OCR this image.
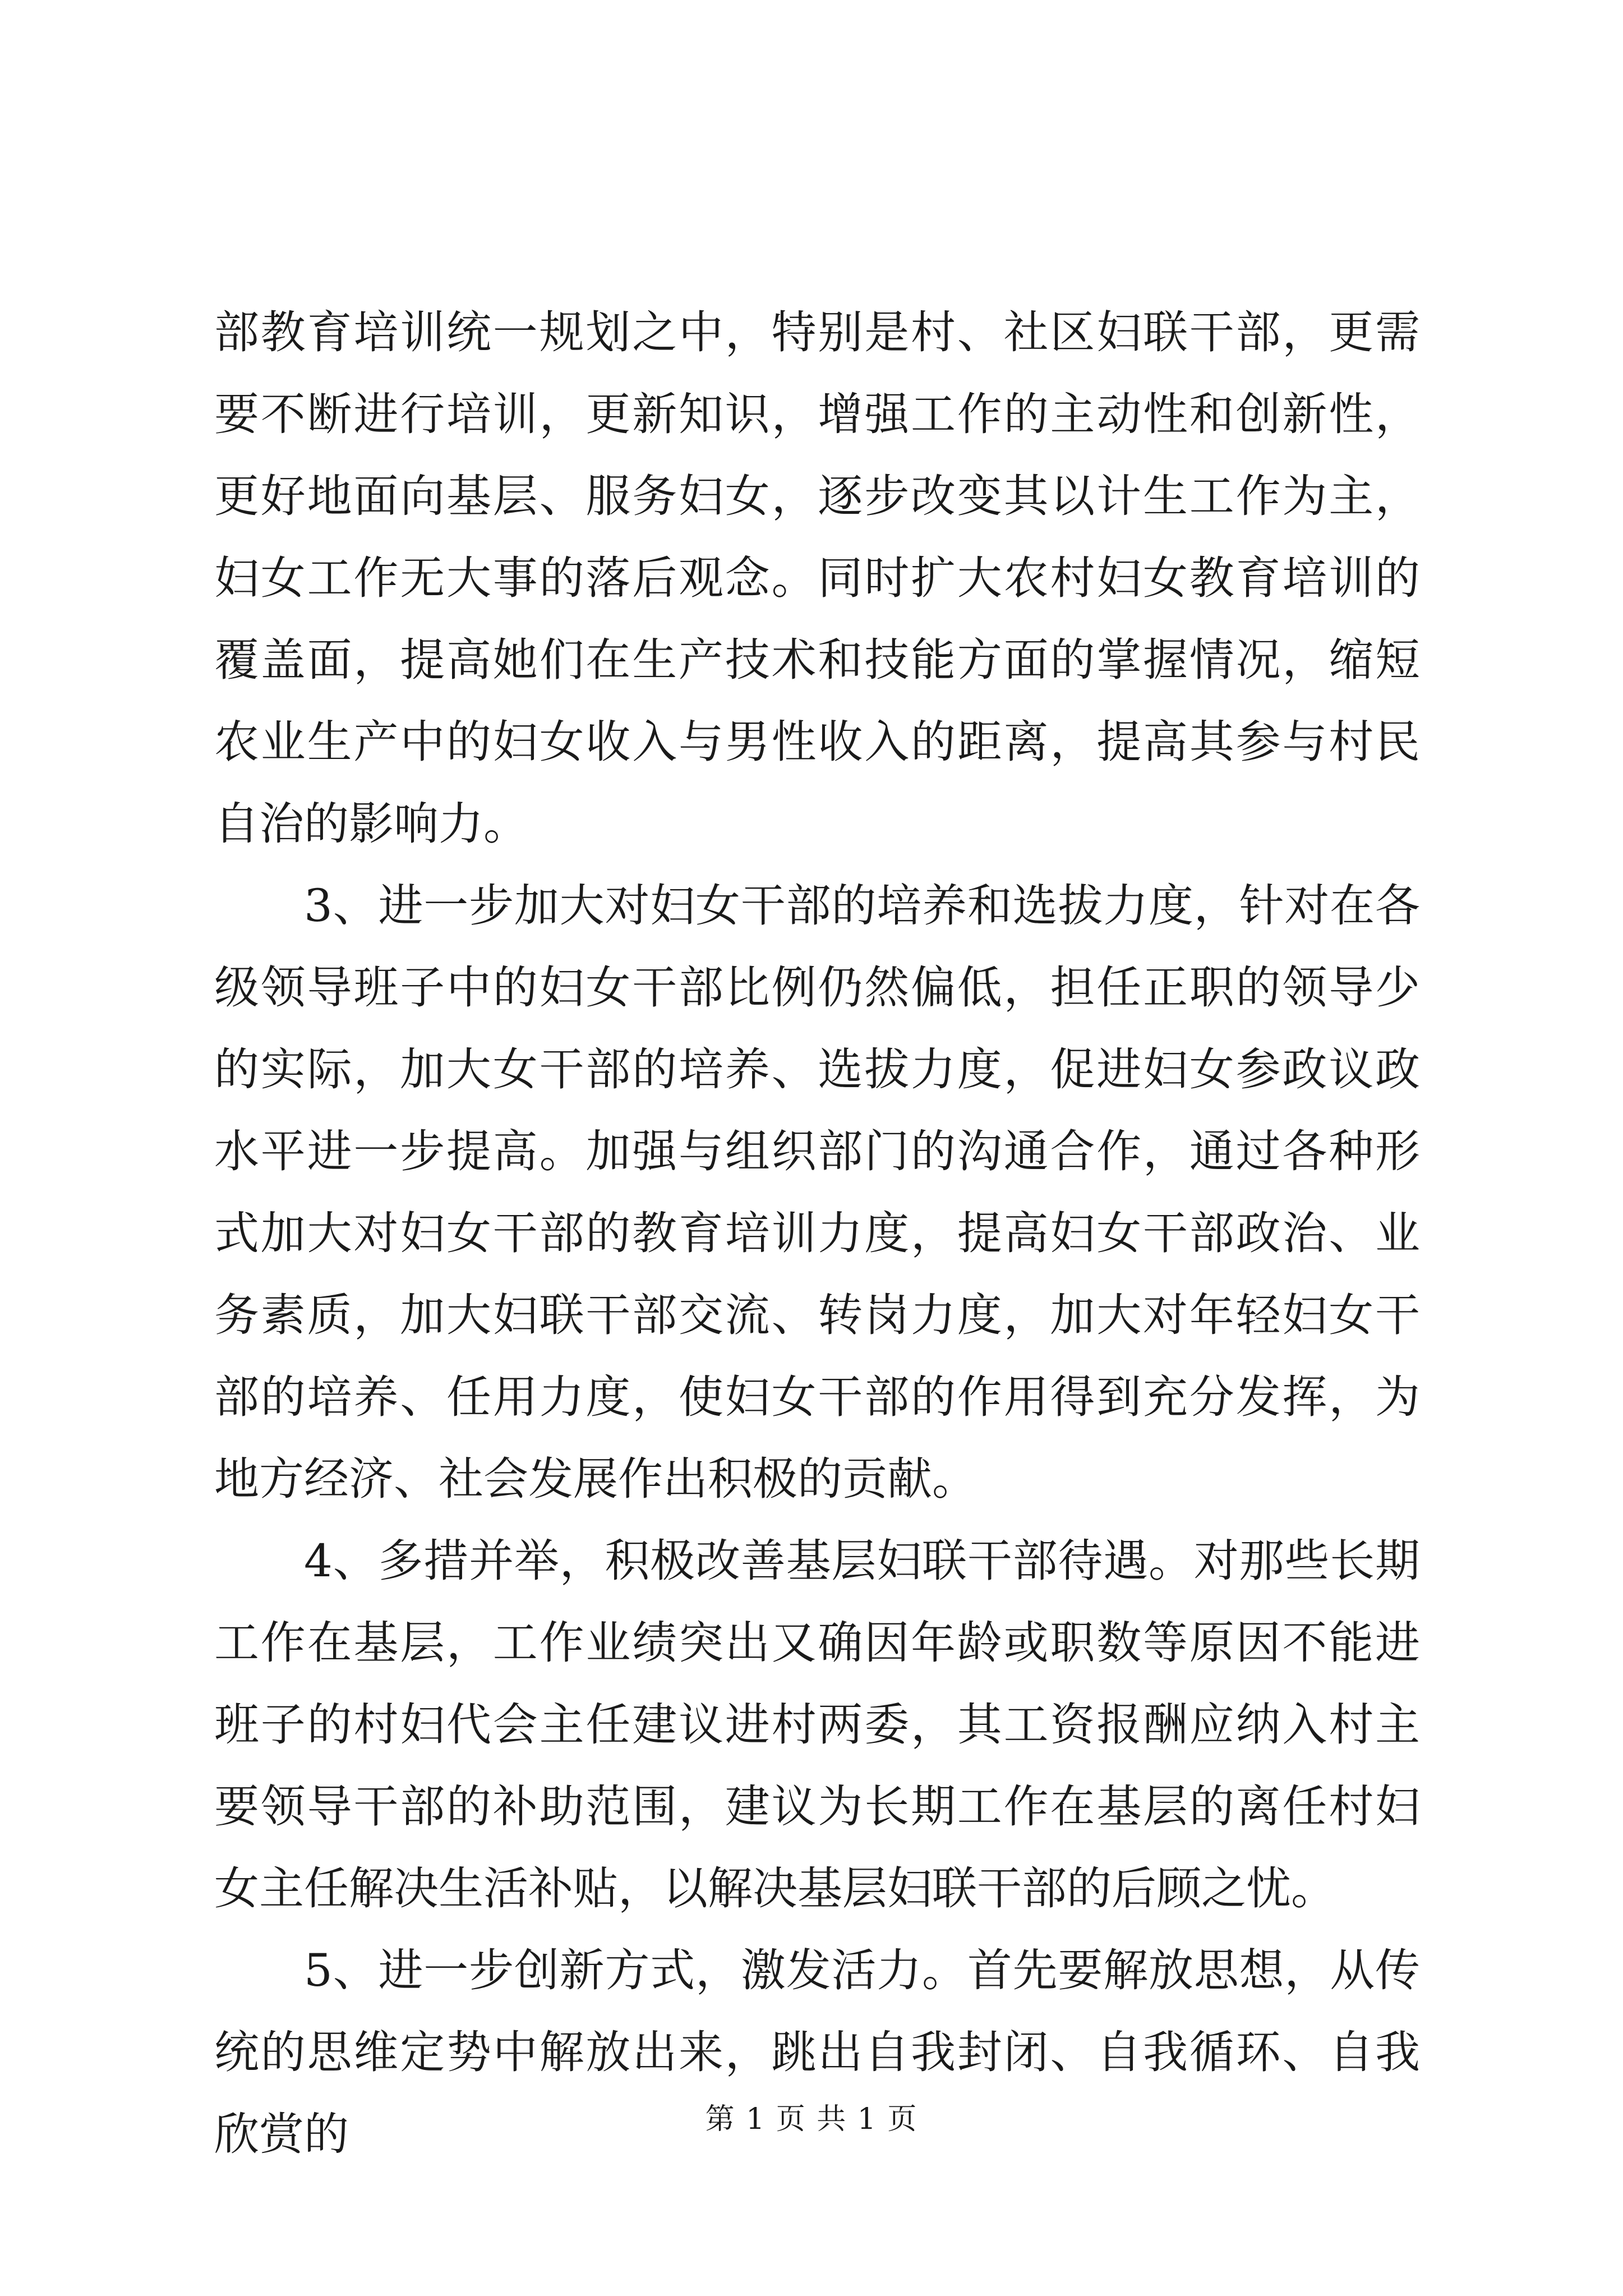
部教育培训统一规划之中，特别是村、社区妇联干部，更需要不断进行培训，更新知识，增强工作的主动性和创新性，更好地面向基层、服务妇女，逐步改变其以计生工作为主，妇女工作无大事的落后观念。同时扩大农村妇女教育培训的覆盖面，提高她们在生产技术和技能方面的掌握情况，缩短农业生产中的妇女收入与男性收入的距离，提高其参与村民自治的影响力。

3、进一步加大对妇女干部的培养和选拔力度，针对在各级领导班子中的妇女干部比例仍然偏低，担任正职的领导少的实际，加大女干部的培养、选拔力度，促进妇女参政议政水平进一步提高。加强与组织部门的沟通合作，通过各种形式加大对妇女干部的教育培训力度，提高妇女干部政治、业务素质，加大妇联干部交流、转岗力度，加大对年轻妇女干部的培养、任用力度，使妇女干部的作用得到充分发挥，为地方经济、社会发展作出积极的贡献。

4、多措并举，积极改善基层妇联干部待遇。对那些长期工作在基层，工作业绩突出又确因年龄或职数等原因不能进班子的村妇代会主任建议进村两委，其工资报酬应纳入村主要领导干部的补助范围，建议为长期工作在基层的离任村妇女主任解决生活补贴，以解决基层妇联干部的后顾之忧。

5、进一步创新方式，激发活力。首先要解放思想，从传统的思维定势中解放出来，跳出自我封闭、自我循环、自我欣赏的	第 1 页 共 1 页
